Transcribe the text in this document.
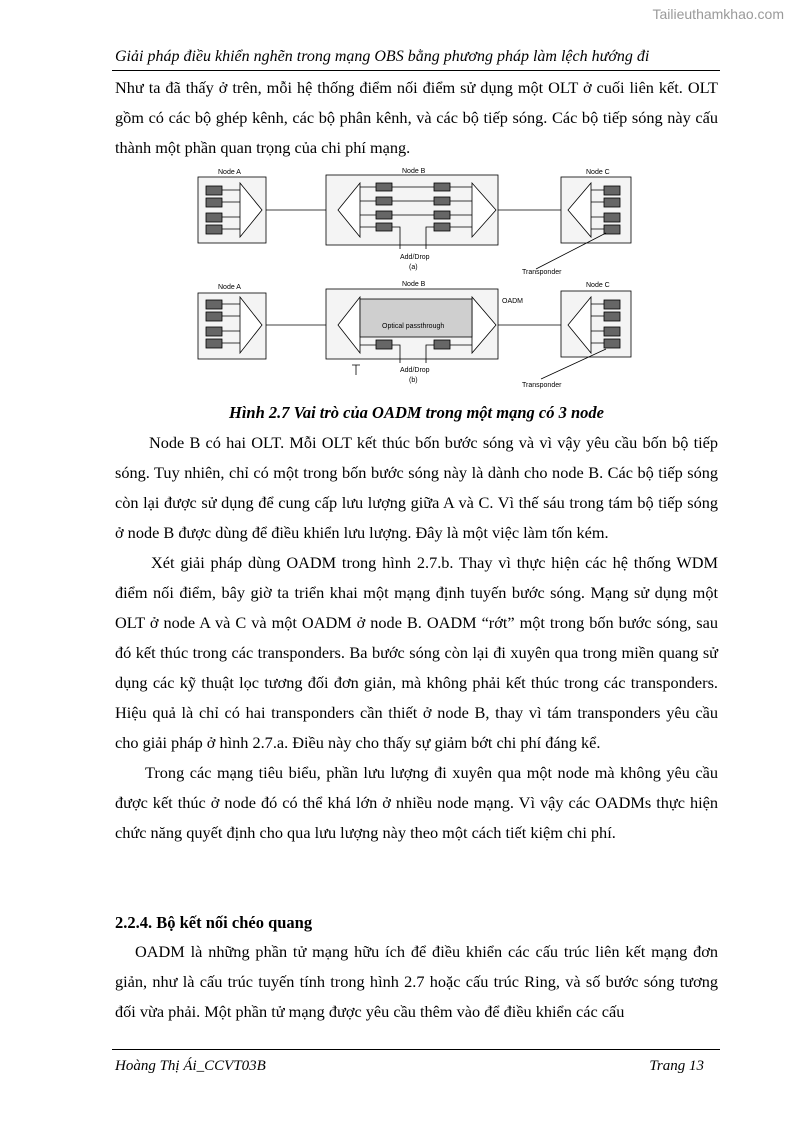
Tailieuthamkhao.com
Giải pháp điều khiển nghẽn trong mạng OBS bằng phương pháp làm lệch hướng đi

Như ta đã thấy ở trên, mỗi hệ thống điểm nối điểm sử dụng một OLT ở cuối liên kết. OLT gồm có các bộ ghép kênh, các bộ phân kênh, và các bộ tiếp sóng. Các bộ tiếp sóng này cấu thành một phần quan trọng của chi phí mạng.

Node A	Node B	Node C
Add/Drop
(a)
Transponder
Node A	Node B	Node C
OADM
Optical passthrough
Add/Drop
(b)
Transponder
Hình 2.7 Vai trò của OADM trong một mạng có 3 node

Node B có hai OLT. Mỗi OLT kết thúc bốn bước sóng và vì vậy yêu cầu bốn bộ tiếp sóng. Tuy nhiên, chỉ có một trong bốn bước sóng này là dành cho node B. Các bộ tiếp sóng còn lại được sử dụng để cung cấp lưu lượng giữa A và C. Vì thế sáu trong tám bộ tiếp sóng ở node B được dùng để điều khiển lưu lượng. Đây là một việc làm tốn kém.

Xét giải pháp dùng OADM trong hình 2.7.b. Thay vì thực hiện các hệ thống WDM điểm nối điểm, bây giờ ta triển khai một mạng định tuyến bước sóng. Mạng sử dụng một OLT ở node A và C và một OADM ở node B. OADM “rớt” một trong bốn bước sóng, sau đó kết thúc trong các transponders. Ba bước sóng còn lại đi xuyên qua trong miền quang sử dụng các kỹ thuật lọc tương đối đơn giản, mà không phải kết thúc trong các transponders. Hiệu quả là chỉ có hai transponders cần thiết ở node B, thay vì tám transponders yêu cầu cho giải pháp ở hình 2.7.a. Điều này cho thấy sự giảm bớt chi phí đáng kể.

Trong các mạng tiêu biểu, phần lưu lượng đi xuyên qua một node mà không yêu cầu được kết thúc ở node đó có thể khá lớn ở nhiều node mạng. Vì vậy các OADMs thực hiện chức năng quyết định cho qua lưu lượng này theo một cách tiết kiệm chi phí.

2.2.4. Bộ kết nối chéo quang

OADM là những phần tử mạng hữu ích để điều khiển các cấu trúc liên kết mạng đơn giản, như là cấu trúc tuyến tính trong hình 2.7 hoặc cấu trúc Ring, và số bước sóng tương đối vừa phải. Một phần tử mạng được yêu cầu thêm vào để điều khiển các cấu

Hoàng Thị Ái_CCVT03B	Trang 13
